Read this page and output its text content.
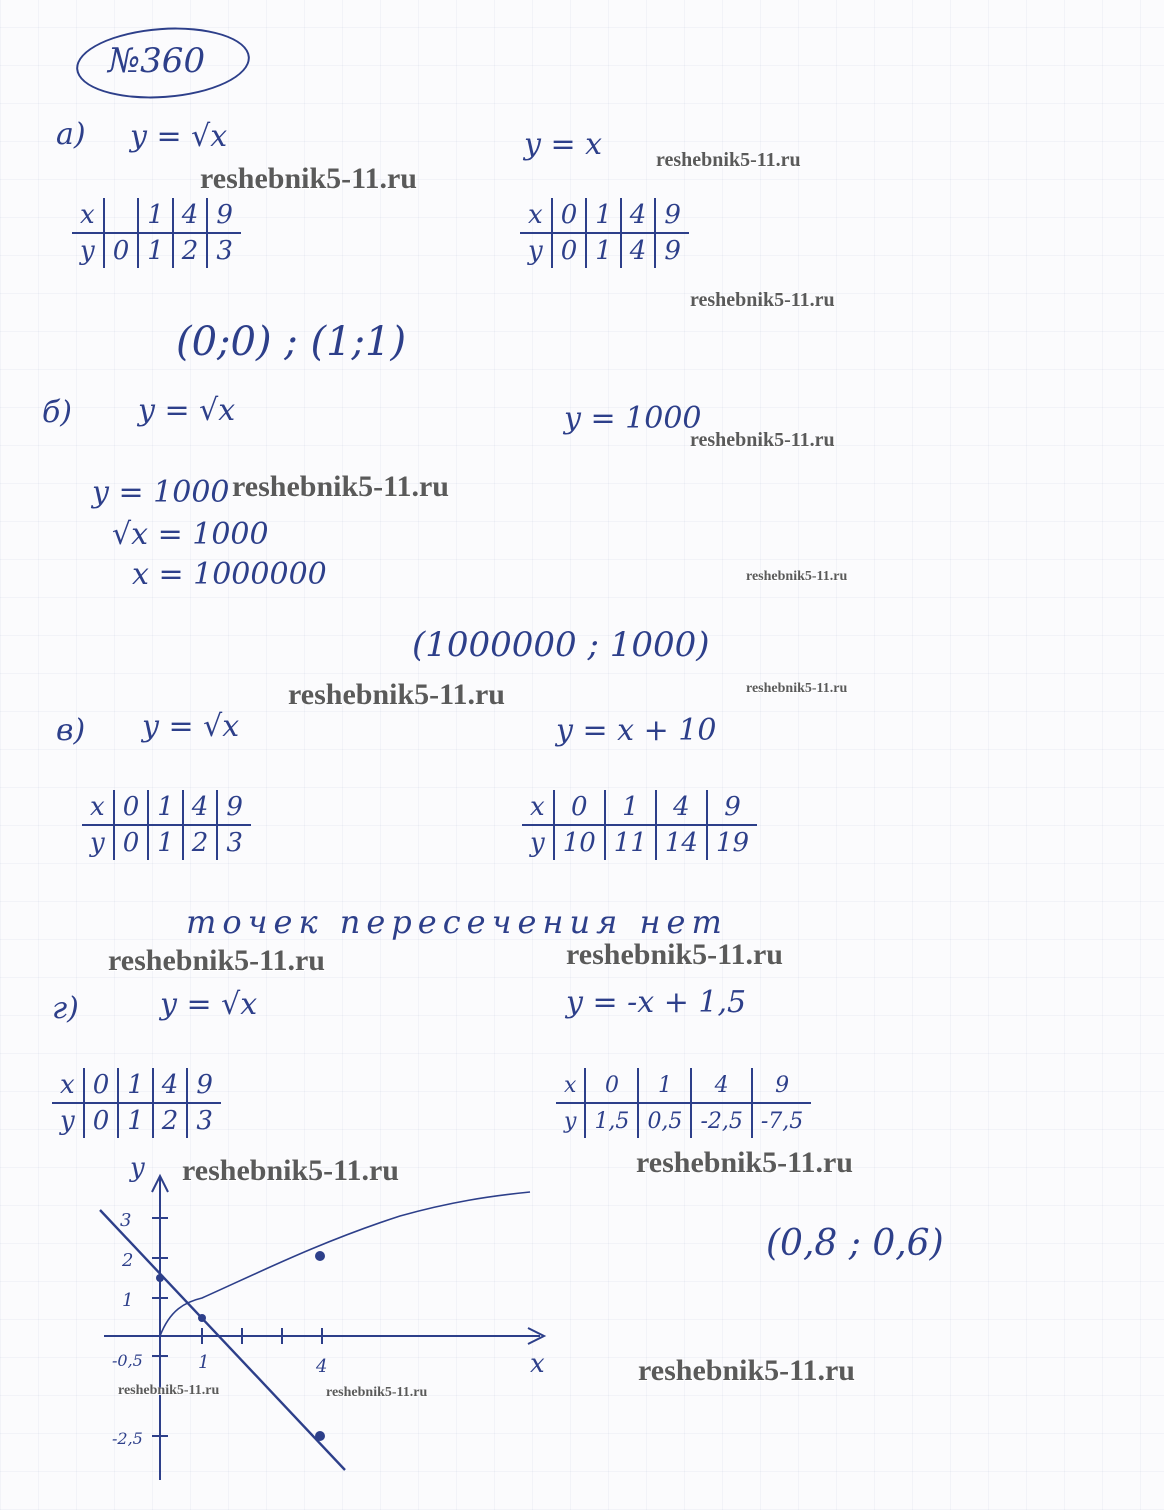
№360
а) y = √x	y = x
x		1	4	9
y	0	1	2	3
x	0	1	4	9
y	0	1	4	9
(0;0) ; (1;1)
б) y = √x	y = 1000
y = 1000
√x = 1000
x = 1000000
(1000000 ; 1000)
в) y = √x	y = x + 10
x	0	1	4	9
y	0	1	2	3
x	0	1	4	9
y	10	11	14	19
точек пересечения нет
г)	y = √x	y = -x + 1,5
x	0	1	4	9
y	0	1	2	3
x	0	1	4	9
y	1,5	0,5	-2,5	-7,5
(0,8 ; 0,6)
y
x
3
2
1
-0,5
-2,5
1	4
reshebnik5-11.ru
reshebnik5-11.ru
reshebnik5-11.ru
reshebnik5-11.ru
reshebnik5-11.ru
reshebnik5-11.ru
reshebnik5-11.ru	reshebnik5-11.ru
reshebnik5-11.ru	reshebnik5-11.ru
reshebnik5-11.ru	reshebnik5-11.ru
reshebnik5-11.ru	reshebnik5-11.ru
reshebnik5-11.ru
